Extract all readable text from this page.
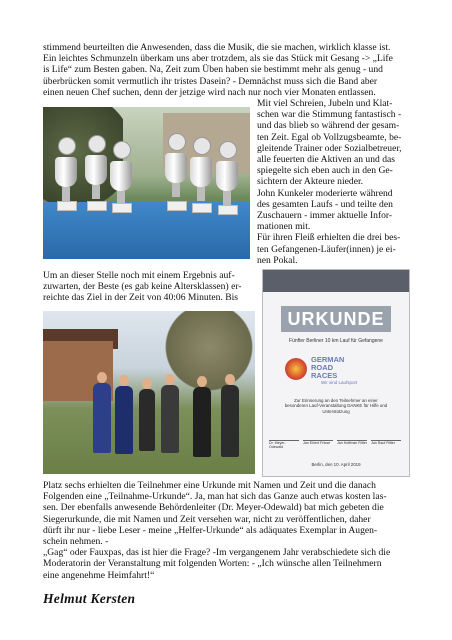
stimmend beurteilten die Anwesenden, dass die Musik, die sie machen, wirklich klasse ist.
Ein leichtes Schmunzeln überkam uns aber trotzdem, als sie das Stück mit Gesang -> „Life
is Life“ zum Besten gaben. Na, Zeit zum Üben haben sie bestimmt mehr als genug - und
überbrücken somit vermutlich ihr tristes Dasein? - Demnächst muss sich die Band aber
einen neuen Chef suchen, denn der jetzige wird nach nur noch vier Monaten entlassen.
Mit viel Schreien, Jubeln und Klat-
schen war die Stimmung fantastisch -
und das blieb so während der gesam-
ten Zeit. Egal ob Vollzugsbeamte, be-
gleitende Trainer oder Sozialbetreuer,
alle feuerten die Aktiven an und das
spiegelte sich eben auch in den Ge-
sichtern der Akteure nieder.
John Kunkeler moderierte während
des gesamten Laufs - und teilte den
Zuschauern - immer aktuelle Infor-
mationen mit.
Für ihren Fleiß erhielten die drei bes-
ten Gefangenen-Läufer(innen) je ei-
nen Pokal.
Um an dieser Stelle noch mit einem Ergebnis auf-
zuwarten, der Beste (es gab keine Altersklassen) er-
reichte das Ziel in der Zeit von 40:06 Minuten. Bis
URKUNDE
Fünfter Berliner 10 km Lauf für Gefangene
GERMAN
ROAD
RACES
Wir sind Laufsport
Zur Erinnerung an den Teilnehmer an einer besonderen Lauf-Veranstaltung DANKE für Hilfe und Unterstützung
Dr. Meyer-Odewald
Jan Ehlert Friese	Jan Hoffman Ritter Jan Rauf Ritter
Berlin, den 10. April 2019
Platz sechs erhielten die Teilnehmer eine Urkunde mit Namen und Zeit und die danach
Folgenden eine „Teilnahme-Urkunde“. Ja, man hat sich das Ganze auch etwas kosten las-
sen. Der ebenfalls anwesende Behördenleiter (Dr. Meyer-Odewald) bat mich gebeten die
Siegerurkunde, die mit Namen und Zeit versehen war, nicht zu veröffentlichen, daher
dürft ihr nur - liebe Leser - meine „Helfer-Urkunde“ als adäquates Exemplar in Augen-
schein nehmen. -
„Gag“ oder Fauxpas, das ist hier die Frage? -Im vergangenem Jahr verabschiedete sich die
Moderatorin der Veranstaltung mit folgenden Worten: - „Ich wünsche allen Teilnehmern
eine angenehme Heimfahrt!“
Helmut Kersten
